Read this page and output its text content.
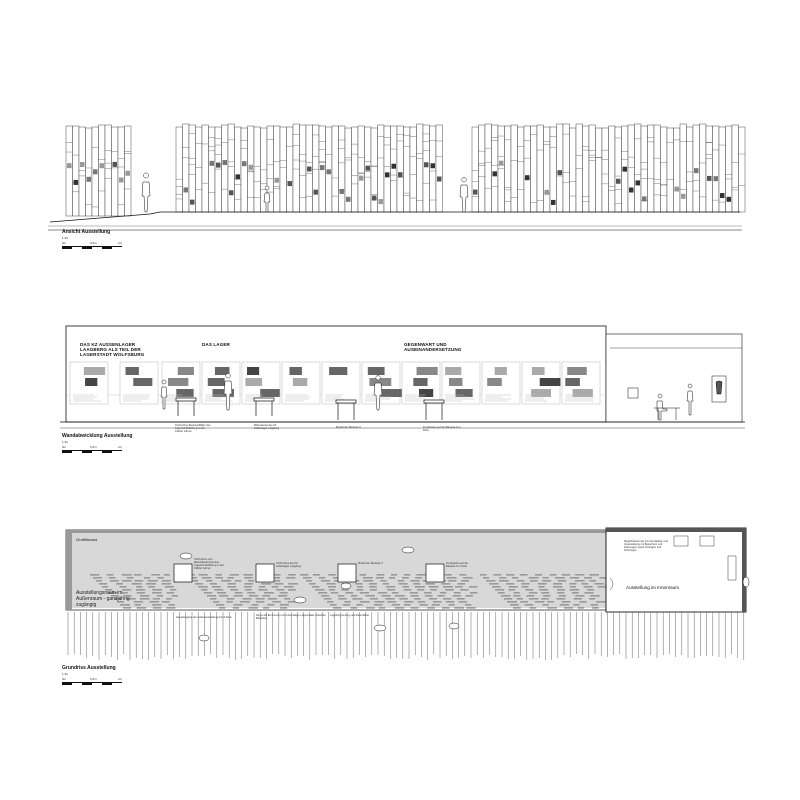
Ansicht Ausstellung
1:33
0m	0.5m	1m
DAS KZ AUSSENLAGER LAAGBERG ALS TEIL DER LAGERSTADT WOLFSBURG
DAS LAGER	GEGENWART UND AUSEINANDERSETZUNG
Tischvitrine Baracke/Bilder des Lagerteil Wolfsburg in den 1940er Jahren
Bildmaterial des KZ Außenlager Laagberg	Modell der Baracke 9	Fundstücke auf der Baracke 9 in Kiste
Wandabwicklung Ausstellung
1:33
0m	0.5m	1m
Graffitiwand
Ausstellungsraum im Außenraum - ganzjährig zugängig
Ausstellung im Innenraum
Möglichkeiten der Kommunikation und Veranstaltung mit Besuchern und Zeitzeugen sowie Vorträgen und Führungen
Tischvitrine zum Materialnachweis des Lagerteil Wolfsburg in den 1940er Jahren
Tischvitrine des KZ Außenlager Laagberg
Modell der Baracke 9	Fundstücke auf der Baracke 9 in Kiste
Haupteingang der Außenausstellung durch Zaun
Wege der Erinnerung und ehemaligen Lagerstraße zwischen Baracken
Lagerbegrenzung und Zaunpfähle
Grundriss Ausstellung
1:33
0m	0.5m	1m
